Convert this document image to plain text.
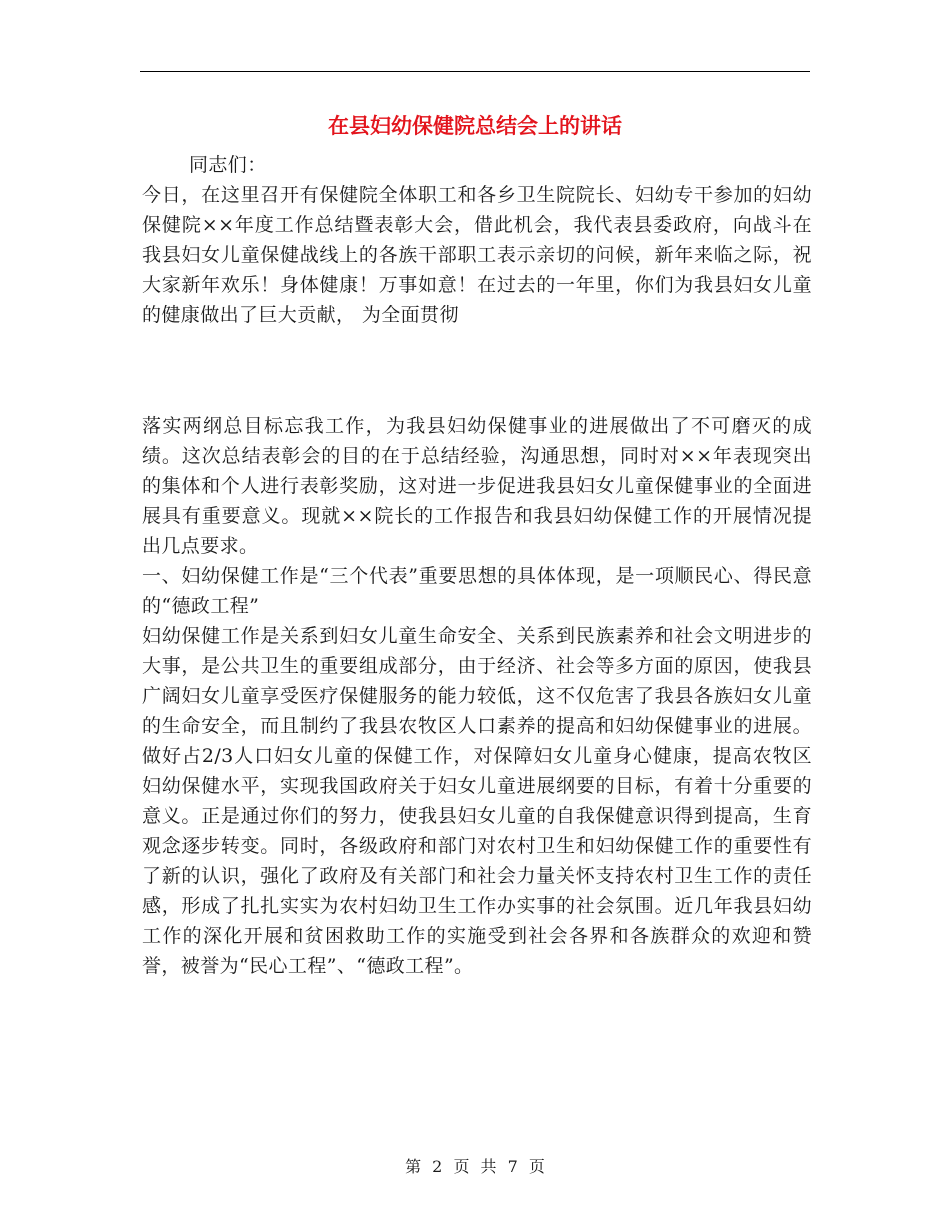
在县妇幼保健院总结会上的讲话

同志们：

今日，在这里召开有保健院全体职工和各乡卫生院院长、妇幼专干参加的妇幼保健院××年度工作总结暨表彰大会，借此机会，我代表县委政府，向战斗在我县妇女儿童保健战线上的各族干部职工表示亲切的问候，新年来临之际，祝大家新年欢乐！身体健康！万事如意！在过去的一年里，你们为我县妇女儿童的健康做出了巨大贡献， 为全面贯彻

落实两纲总目标忘我工作，为我县妇幼保健事业的进展做出了不可磨灭的成绩。这次总结表彰会的目的在于总结经验，沟通思想，同时对××年表现突出的集体和个人进行表彰奖励，这对进一步促进我县妇女儿童保健事业的全面进展具有重要意义。现就××院长的工作报告和我县妇幼保健工作的开展情况提出几点要求。

一、妇幼保健工作是“三个代表”重要思想的具体体现，是一项顺民心、得民意的“德政工程”

妇幼保健工作是关系到妇女儿童生命安全、关系到民族素养和社会文明进步的大事，是公共卫生的重要组成部分，由于经济、社会等多方面的原因，使我县广阔妇女儿童享受医疗保健服务的能力较低，这不仅危害了我县各族妇女儿童的生命安全，而且制约了我县农牧区人口素养的提高和妇幼保健事业的进展。做好占2/3人口妇女儿童的保健工作，对保障妇女儿童身心健康，提高农牧区妇幼保健水平，实现我国政府关于妇女儿童进展纲要的目标，有着十分重要的意义。正是通过你们的努力，使我县妇女儿童的自我保健意识得到提高，生育观念逐步转变。同时，各级政府和部门对农村卫生和妇幼保健工作的重要性有了新的认识，强化了政府及有关部门和社会力量关怀支持农村卫生工作的责任感，形成了扎扎实实为农村妇幼卫生工作办实事的社会氛围。近几年我县妇幼工作的深化开展和贫困救助工作的实施受到社会各界和各族群众的欢迎和赞誉，被誉为“民心工程”、“德政工程”。

第 2 页 共 7 页
